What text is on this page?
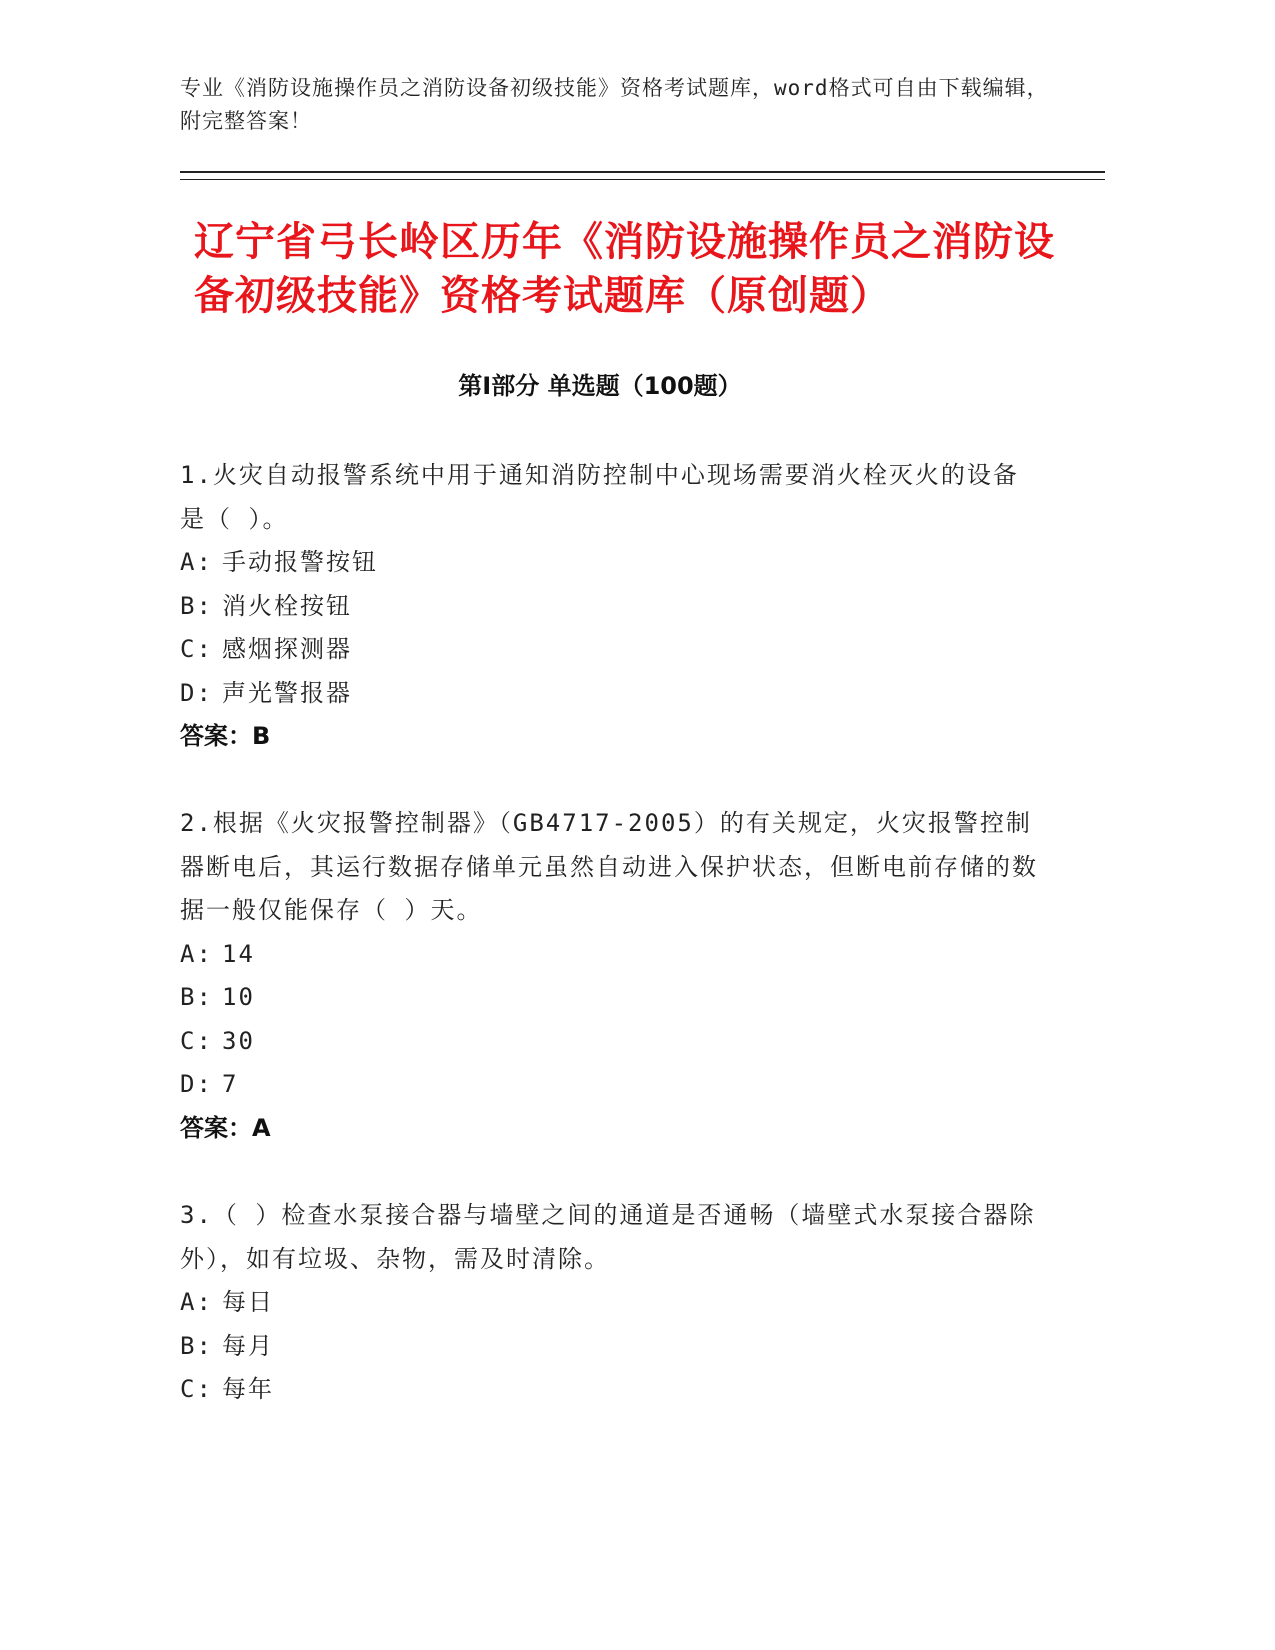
专业《消防设施操作员之消防设备初级技能》资格考试题库，word格式可自由下载编辑，附完整答案！
辽宁省弓长岭区历年《消防设施操作员之消防设备初级技能》资格考试题库（原创题）
第Ⅰ部分 单选题（100题）

1.火灾自动报警系统中用于通知消防控制中心现场需要消火栓灭火的设备是（ ）。

A: 手动报警按钮

B: 消火栓按钮

C: 感烟探测器

D: 声光警报器

答案：B

2.根据《火灾报警控制器》（GB4717-2005）的有关规定，火灾报警控制器断电后，其运行数据存储单元虽然自动进入保护状态，但断电前存储的数据一般仅能保存（ ）天。

A: 14

B: 10

C: 30

D: 7

答案：A

3.（ ）检查水泵接合器与墙壁之间的通道是否通畅（墙壁式水泵接合器除外），如有垃圾、杂物，需及时清除。

A: 每日

B: 每月

C: 每年
